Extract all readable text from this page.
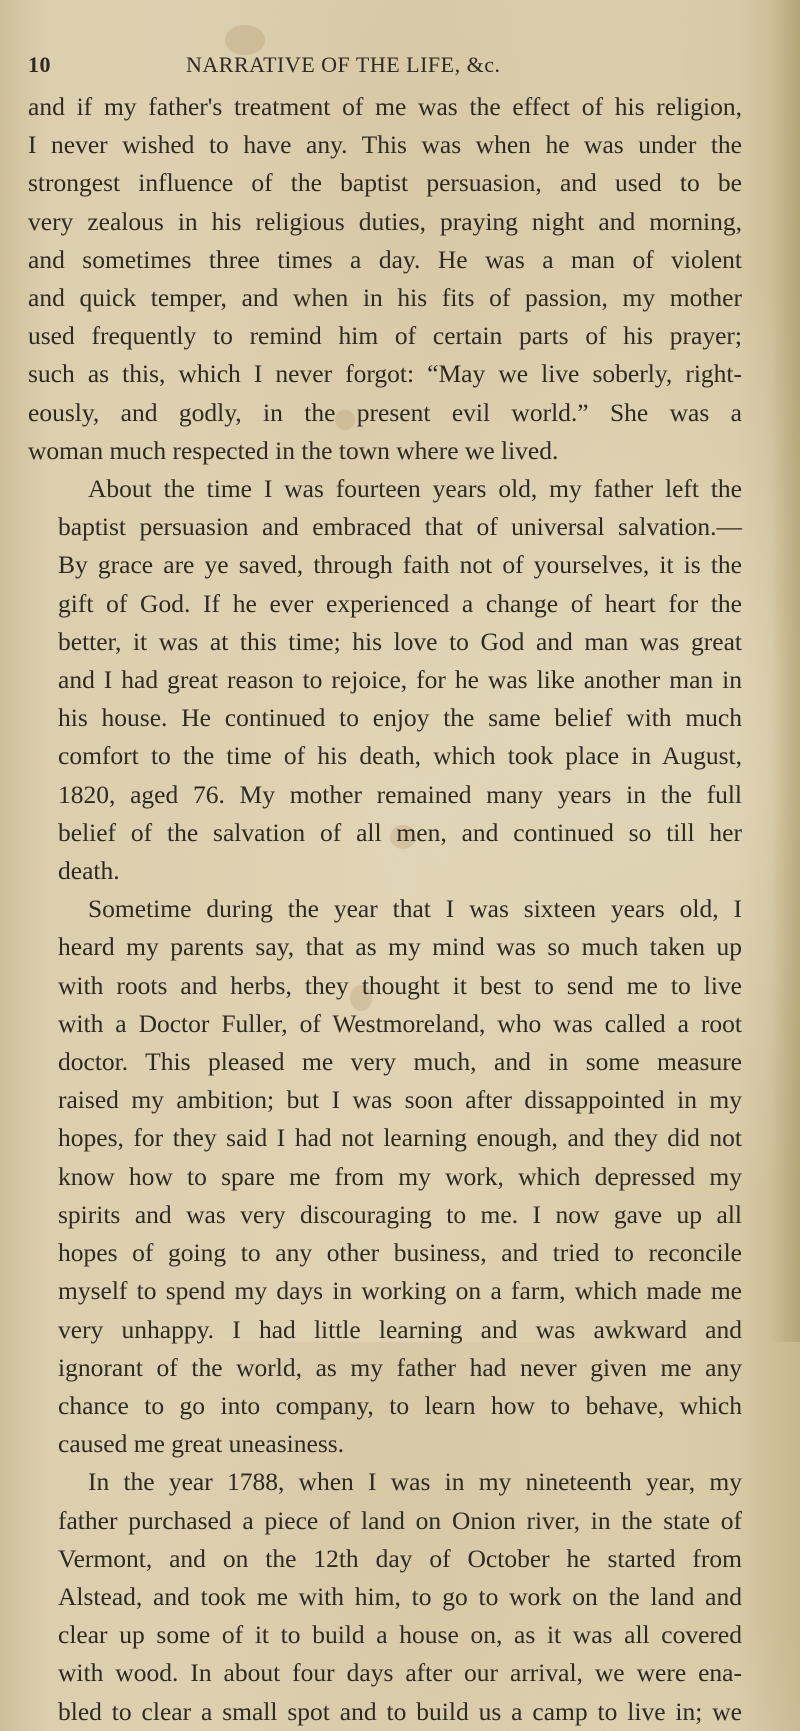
10	NARRATIVE OF THE LIFE, &c.
and if my father's treatment of me was the effect of his religion,
I never wished to have any. This was when he was under the
strongest influence of the baptist persuasion, and used to be
very zealous in his religious duties, praying night and morning,
and sometimes three times a day. He was a man of violent
and quick temper, and when in his fits of passion, my mother
used frequently to remind him of certain parts of his prayer;
such as this, which I never forgot: “May we live soberly, right-
eously, and godly, in the present evil world.” She was a
woman much respected in the town where we lived.
About the time I was fourteen years old, my father left the
baptist persuasion and embraced that of universal salvation.—
By grace are ye saved, through faith not of yourselves, it is the
gift of God. If he ever experienced a change of heart for the
better, it was at this time; his love to God and man was great
and I had great reason to rejoice, for he was like another man in
his house. He continued to enjoy the same belief with much
comfort to the time of his death, which took place in August,
1820, aged 76. My mother remained many years in the full
belief of the salvation of all men, and continued so till her
death.
Sometime during the year that I was sixteen years old, I
heard my parents say, that as my mind was so much taken up
with roots and herbs, they thought it best to send me to live
with a Doctor Fuller, of Westmoreland, who was called a root
doctor. This pleased me very much, and in some measure
raised my ambition; but I was soon after dissappointed in my
hopes, for they said I had not learning enough, and they did not
know how to spare me from my work, which depressed my
spirits and was very discouraging to me. I now gave up all
hopes of going to any other business, and tried to reconcile
myself to spend my days in working on a farm, which made me
very unhappy. I had little learning and was awkward and
ignorant of the world, as my father had never given me any
chance to go into company, to learn how to behave, which
caused me great uneasiness.
In the year 1788, when I was in my nineteenth year, my
father purchased a piece of land on Onion river, in the state of
Vermont, and on the 12th day of October he started from
Alstead, and took me with him, to go to work on the land and
clear up some of it to build a house on, as it was all covered
with wood. In about four days after our arrival, we were ena-
bled to clear a small spot and to build us a camp to live in; we
